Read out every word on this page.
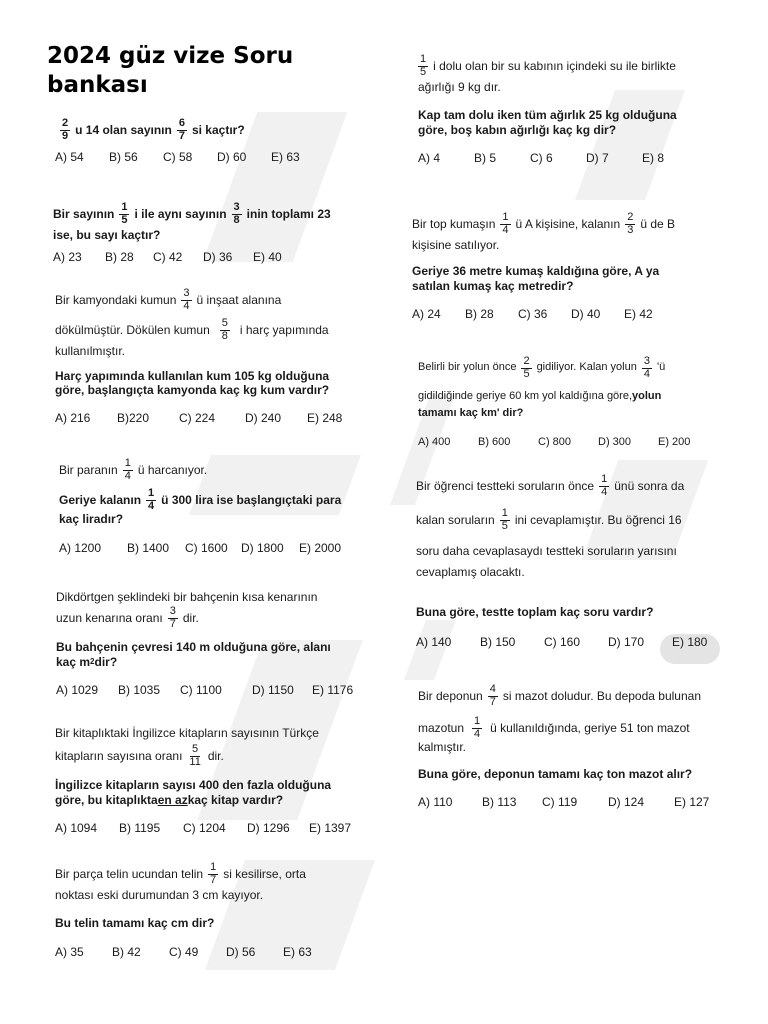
2024 güz vize Soru bankası
$\frac{2}{9}$ u 14 olan sayının $\frac{6}{7}$ si kaçtır?
A) 54	B) 56	C) 58	D) 60	E) 63
Bir sayının $\frac{1}{5}$ i ile aynı sayının $\frac{3}{8}$ inin toplamı 23
ise, bu sayı kaçtır?
A) 23	B) 28	C) 42	D) 36	E) 40
Bir kamyondaki kumun $\frac{3}{4}$ ü inşaat alanına
dökülmüştür. Dökülen kumun $\frac{5}{8}$ i harç yapımında
kullanılmıştır.
Harç yapımında kullanılan kum 105 kg olduğuna
göre, başlangıçta kamyonda kaç kg kum vardır?
A) 216	B)220	C) 224	D) 240	E) 248
Bir paranın $\frac{1}{4}$ ü harcanıyor.
Geriye kalanın $\frac{1}{4}$ ü 300 lira ise başlangıçtaki para
kaç liradır?
A) 1200	B) 1400	C) 1600	D) 1800	E) 2000
Dikdörtgen şeklindeki bir bahçenin kısa kenarının
uzun kenarına oranı $\frac{3}{7}$ dir.
Bu bahçenin çevresi 140 m olduğuna göre, alanı
kaç m 2 dir?
A) 1029	B) 1035	C) 1100	D) 1150	E) 1176
Bir kitaplıktaki İngilizce kitapların sayısının Türkçe
kitapların sayısına oranı $\frac{5}{11}$ dir.
İngilizce kitapların sayısı 400 den fazla olduğuna
göre, bu kitaplıkta en az kaç kitap vardır?
A) 1094	B) 1195	C) 1204	D) 1296	E) 1397
Bir parça telin ucundan telin $\frac{1}{7}$ si kesilirse, orta
noktası eski durumundan 3 cm kayıyor.
Bu telin tamamı kaç cm dir?
A) 35	B) 42	C) 49	D) 56	E) 63
$\frac{1}{5}$ i dolu olan bir su kabının içindeki su ile birlikte
ağırlığı 9 kg dır.
Kap tam dolu iken tüm ağırlık 25 kg olduğuna
göre, boş kabın ağırlığı kaç kg dir?
A) 4	B) 5	C) 6	D) 7	E) 8
Bir top kumaşın $\frac{1}{4}$ ü A kişisine, kalanın $\frac{2}{3}$ ü de B
kişisine satılıyor.
Geriye 36 metre kumaş kaldığına göre, A ya
satılan kumaş kaç metredir?
A) 24	B) 28	C) 36	D) 40	E) 42
Belirli bir yolun önce $\frac{2}{5}$ gidiliyor. Kalan yolun $\frac{3}{4}$ 'ü
gidildiğinde geriye 60 km yol kaldığına göre, yolun
tamamı kaç km' dir?
A) 400	B) 600	C) 800	D) 300	E) 200
Bir öğrenci testteki soruların önce $\frac{1}{4}$ ünü sonra da
kalan soruların $\frac{1}{5}$ ini cevaplamıştır. Bu öğrenci 16
soru daha cevaplasaydı testteki soruların yarısını
cevaplamış olacaktı.
Buna göre, testte toplam kaç soru vardır?
A) 140	B) 150	C) 160	D) 170	E) 180
Bir deponun $\frac{4}{7}$ si mazot doludur. Bu depoda bulunan
mazotun $\frac{1}{4}$ ü kullanıldığında, geriye 51 ton mazot
kalmıştır.
Buna göre, deponun tamamı kaç ton mazot alır?
A) 110	B) 113	C) 119	D) 124	E) 127
